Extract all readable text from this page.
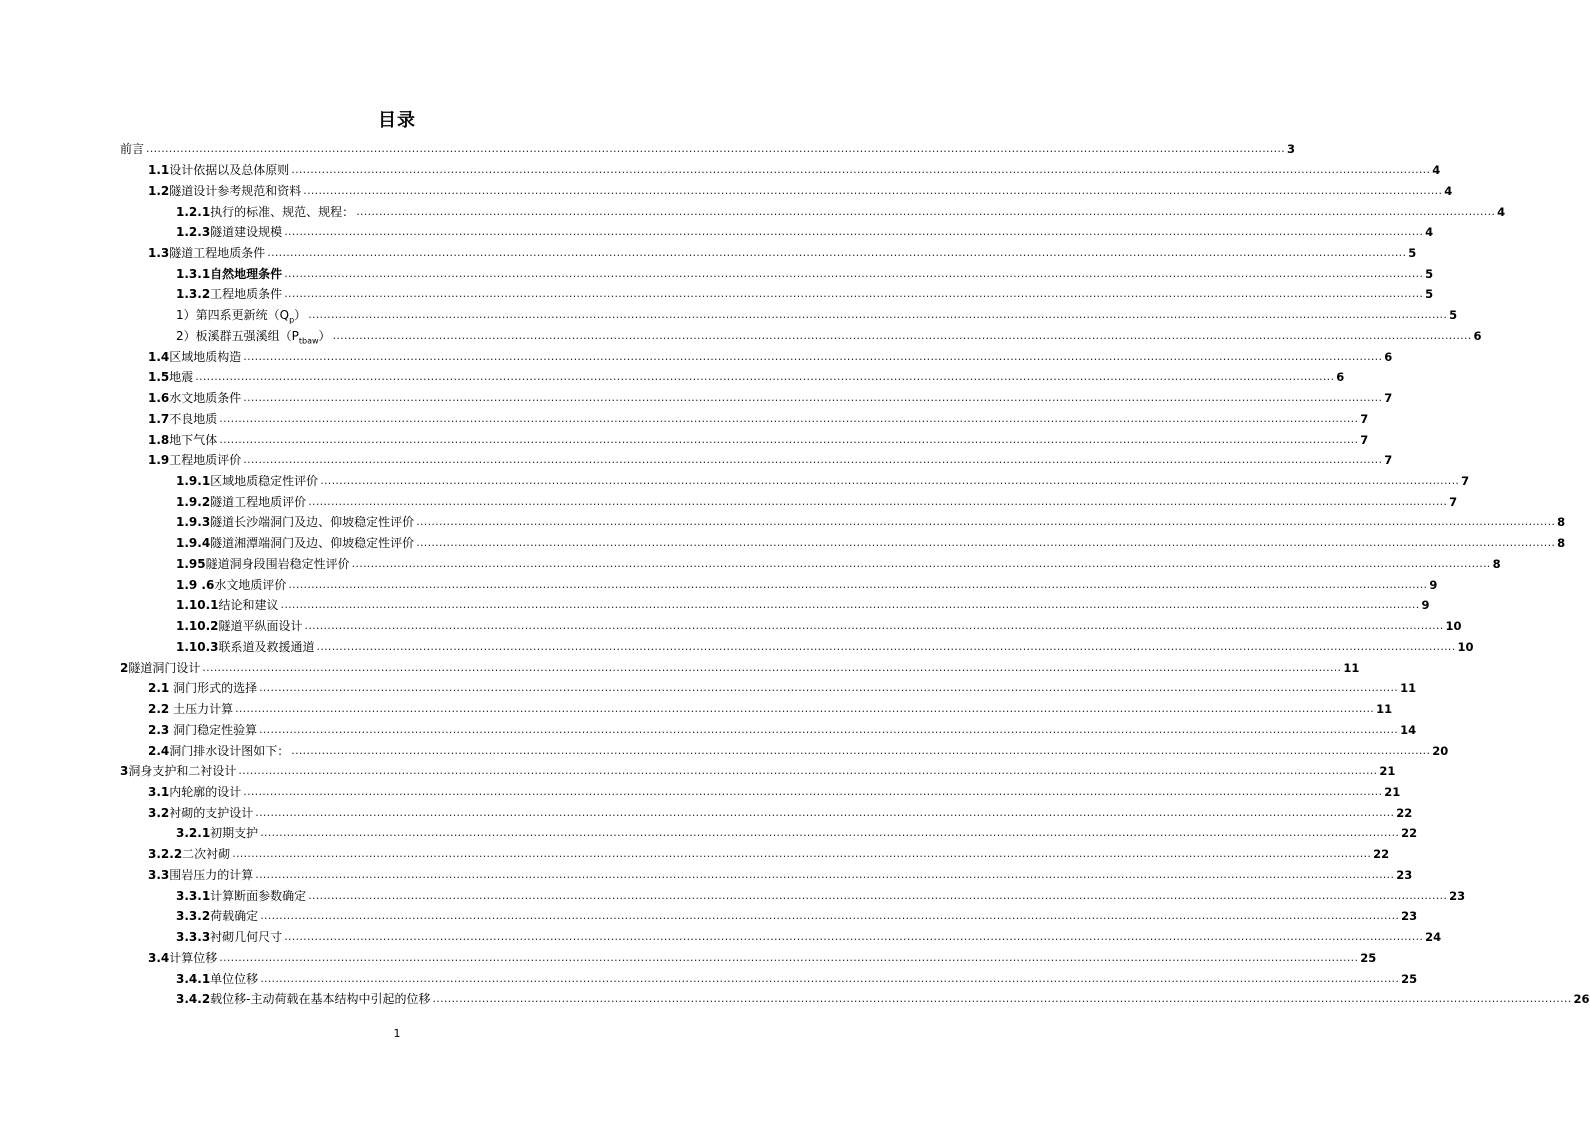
目录
前言 ............................................................................................................................................................................................................................................................................................................ 3
1.1设计依据以及总体原则 ............................................................................................................................................................................................................................................................................................................ 4
1.2隧道设计参考规范和资料 ............................................................................................................................................................................................................................................................................................................ 4
1.2.1执行的标准、规范、规程： ............................................................................................................................................................................................................................................................................................................ 4
1.2.3隧道建设规模 ............................................................................................................................................................................................................................................................................................................ 4
1.3隧道工程地质条件 ............................................................................................................................................................................................................................................................................................................ 5
1.3.1自然地理条件 ............................................................................................................................................................................................................................................................................................................ 5
1.3.2工程地质条件 ............................................................................................................................................................................................................................................................................................................ 5
1）第四系更新统$(Q_p)$ ............................................................................................................................................................................................................................................................................................................ 5
2）板溪群五强溪组$(P_{tbaw})$ ............................................................................................................................................................................................................................................................................................................ 6
1.4区域地质构造 ............................................................................................................................................................................................................................................................................................................ 6
1.5地震 ............................................................................................................................................................................................................................................................................................................ 6
1.6水文地质条件 ............................................................................................................................................................................................................................................................................................................ 7
1.7不良地质 ............................................................................................................................................................................................................................................................................................................ 7
1.8地下气体 ............................................................................................................................................................................................................................................................................................................ 7
1.9工程地质评价 ............................................................................................................................................................................................................................................................................................................ 7
1.9.1区域地质稳定性评价 ............................................................................................................................................................................................................................................................................................................ 7
1.9.2隧道工程地质评价 ............................................................................................................................................................................................................................................................................................................ 7
1.9.3隧道长沙端洞门及边、仰坡稳定性评价 ............................................................................................................................................................................................................................................................................................................ 8
1.9.4隧道湘潭端洞门及边、仰坡稳定性评价 ............................................................................................................................................................................................................................................................................................................ 8
1.95隧道洞身段围岩稳定性评价 ............................................................................................................................................................................................................................................................................................................ 8
1.9 .6水文地质评价 ............................................................................................................................................................................................................................................................................................................ 9
1.10.1结论和建议 ............................................................................................................................................................................................................................................................................................................ 9
1.10.2隧道平纵面设计 ............................................................................................................................................................................................................................................................................................................ 10
1.10.3联系道及救援通道 ............................................................................................................................................................................................................................................................................................................ 10
2隧道洞门设计 ............................................................................................................................................................................................................................................................................................................ 11
2.1 洞门形式的选择 ............................................................................................................................................................................................................................................................................................................ 11
2.2 土压力计算 ............................................................................................................................................................................................................................................................................................................ 11
2.3 洞门稳定性验算 ............................................................................................................................................................................................................................................................................................................ 14
2.4洞门排水设计图如下： ............................................................................................................................................................................................................................................................................................................ 20
3洞身支护和二衬设计 ............................................................................................................................................................................................................................................................................................................ 21
3.1内轮廓的设计 ............................................................................................................................................................................................................................................................................................................ 21
3.2衬砌的支护设计 ............................................................................................................................................................................................................................................................................................................ 22
3.2.1初期支护 ............................................................................................................................................................................................................................................................................................................ 22
3.2.2二次衬砌 ............................................................................................................................................................................................................................................................................................................ 22
3.3围岩压力的计算 ............................................................................................................................................................................................................................................................................................................ 23
3.3.1计算断面参数确定 ............................................................................................................................................................................................................................................................................................................ 23
3.3.2荷载确定 ............................................................................................................................................................................................................................................................................................................ 23
3.3.3衬砌几何尺寸 ............................................................................................................................................................................................................................................................................................................ 24
3.4计算位移 ............................................................................................................................................................................................................................................................................................................ 25
3.4.1单位位移 ............................................................................................................................................................................................................................................................................................................ 25
3.4.2载位移-主动荷载在基本结构中引起的位移 ............................................................................................................................................................................................................................................................................................................ 26
1
